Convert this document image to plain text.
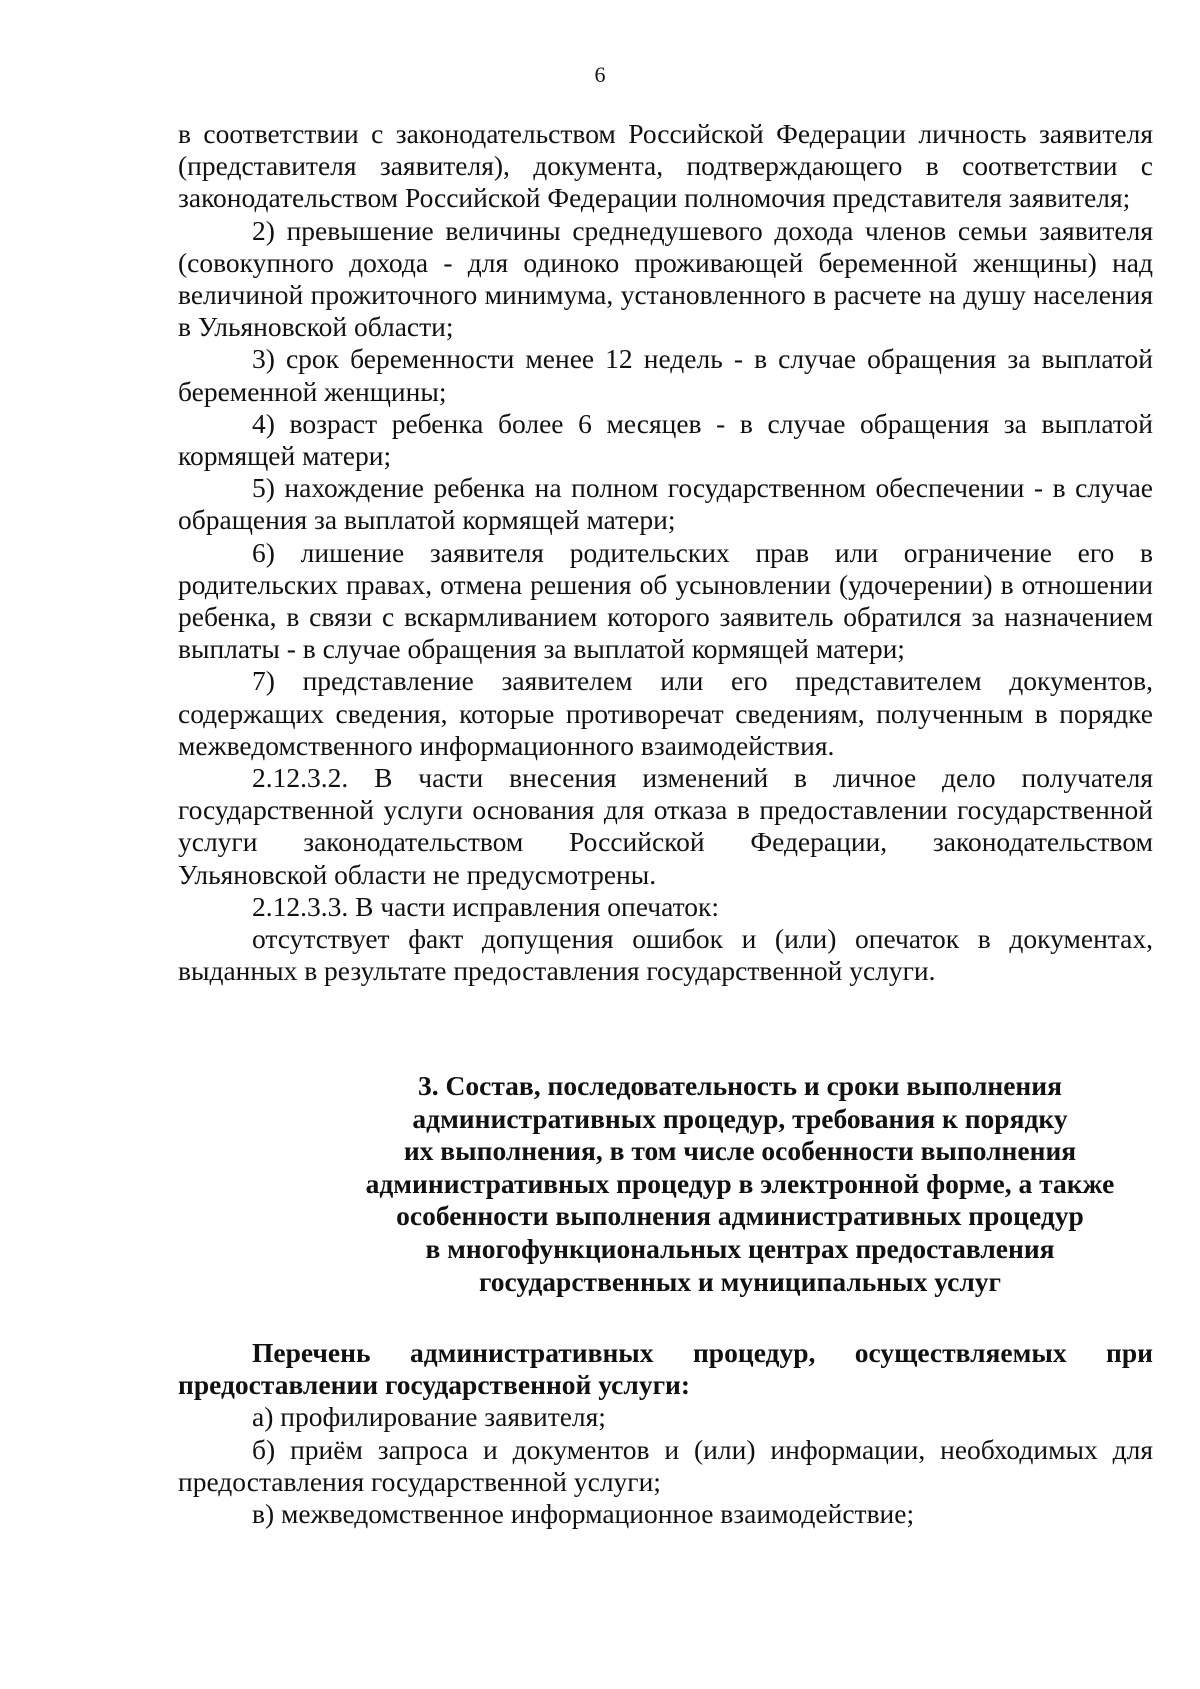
6

в соответствии с законодательством Российской Федерации личность заявителя (представителя заявителя), документа, подтверждающего в соответствии с законодательством Российской Федерации полномочия представителя заявителя;

2) превышение величины среднедушевого дохода членов семьи заявителя (совокупного дохода - для одиноко проживающей беременной женщины) над величиной прожиточного минимума, установленного в расчете на душу населения в Ульяновской области;

3) срок беременности менее 12 недель - в случае обращения за выплатой беременной женщины;

4) возраст ребенка более 6 месяцев - в случае обращения за выплатой кормящей матери;

5) нахождение ребенка на полном государственном обеспечении - в случае обращения за выплатой кормящей матери;

6) лишение заявителя родительских прав или ограничение его в родительских правах, отмена решения об усыновлении (удочерении) в отношении ребенка, в связи с вскармливанием которого заявитель обратился за назначением выплаты - в случае обращения за выплатой кормящей матери;

7) представление заявителем или его представителем документов, содержащих сведения, которые противоречат сведениям, полученным в порядке межведомственного информационного взаимодействия.

2.12.3.2. В части внесения изменений в личное дело получателя государственной услуги основания для отказа в предоставлении государственной услуги законодательством Российской Федерации, законодательством Ульяновской области не предусмотрены.

2.12.3.3. В части исправления опечаток:

отсутствует факт допущения ошибок и (или) опечаток в документах, выданных в результате предоставления государственной услуги.

3. Состав, последовательность и сроки выполнения
административных процедур, требования к порядку
их выполнения, в том числе особенности выполнения
административных процедур в электронной форме, а также
особенности выполнения административных процедур
в многофункциональных центрах предоставления
государственных и муниципальных услуг

Перечень административных процедур, осуществляемых при предоставлении государственной услуги:

а) профилирование заявителя;

б) приём запроса и документов и (или) информации, необходимых для предоставления государственной услуги;

в) межведомственное информационное взаимодействие;
